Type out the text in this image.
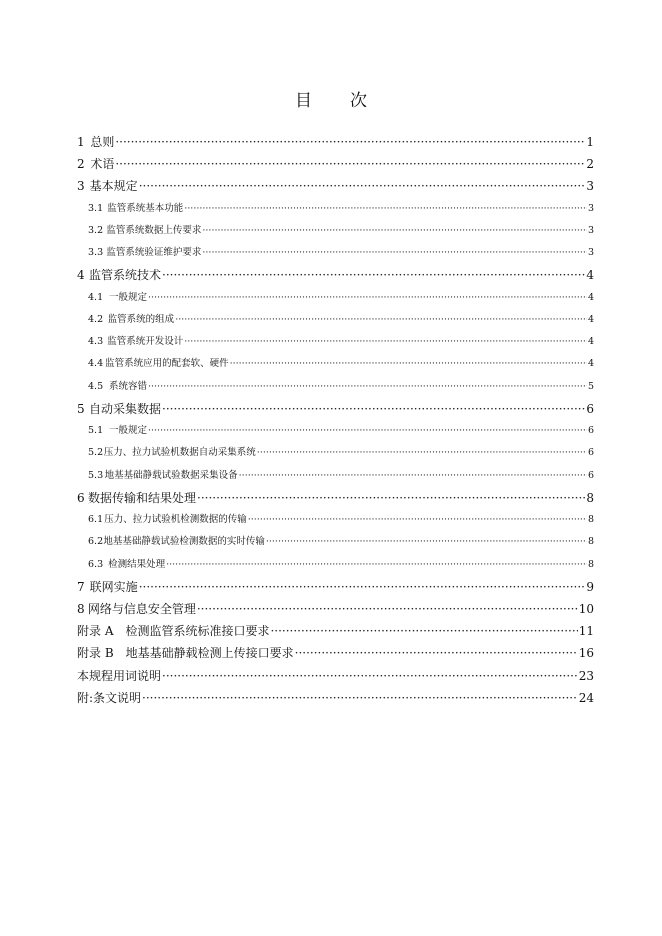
目 次
1 总则 ·····	1
2 术语 ·····	2
3 基本规定 ·····	3
3.1 监管系统基本功能 ·····	3
3.2 监管系统数据上传要求 ·····	3
3.3 监管系统验证维护要求 ·····	3
4 监管系统技术 ·····	4
4.1 一般规定 ·····	4
4.2 监管系统的组成 ·····	4
4.3 监管系统开发设计 ·····	4
4.4 监管系统应用的配套软、硬件 ·····	4
4.5 系统容错 ·····	5
5 自动采集数据 ·····	6
5.1 一般规定 ·····	6
5.2 压力、拉力试验机数据自动采集系统 ·····	6
5.3 地基基础静载试验数据采集设备 ·····	6
6 数据传输和结果处理 ·····	8
6.1 压力、拉力试验机检测数据的传输 ·····	8
6.2 地基基础静载试验检测数据的实时传输 ·····	8
6.3 检测结果处理 ·····	8
7 联网实施 ·····	9
8 网络与信息安全管理 ·····	10
附录 A　检测监管系统标准接口要求 ·····	11
附录 B　地基基础静载检测上传接口要求 ·····	16
本规程用词说明 ·····	23
附:条文说明 ·····	24
